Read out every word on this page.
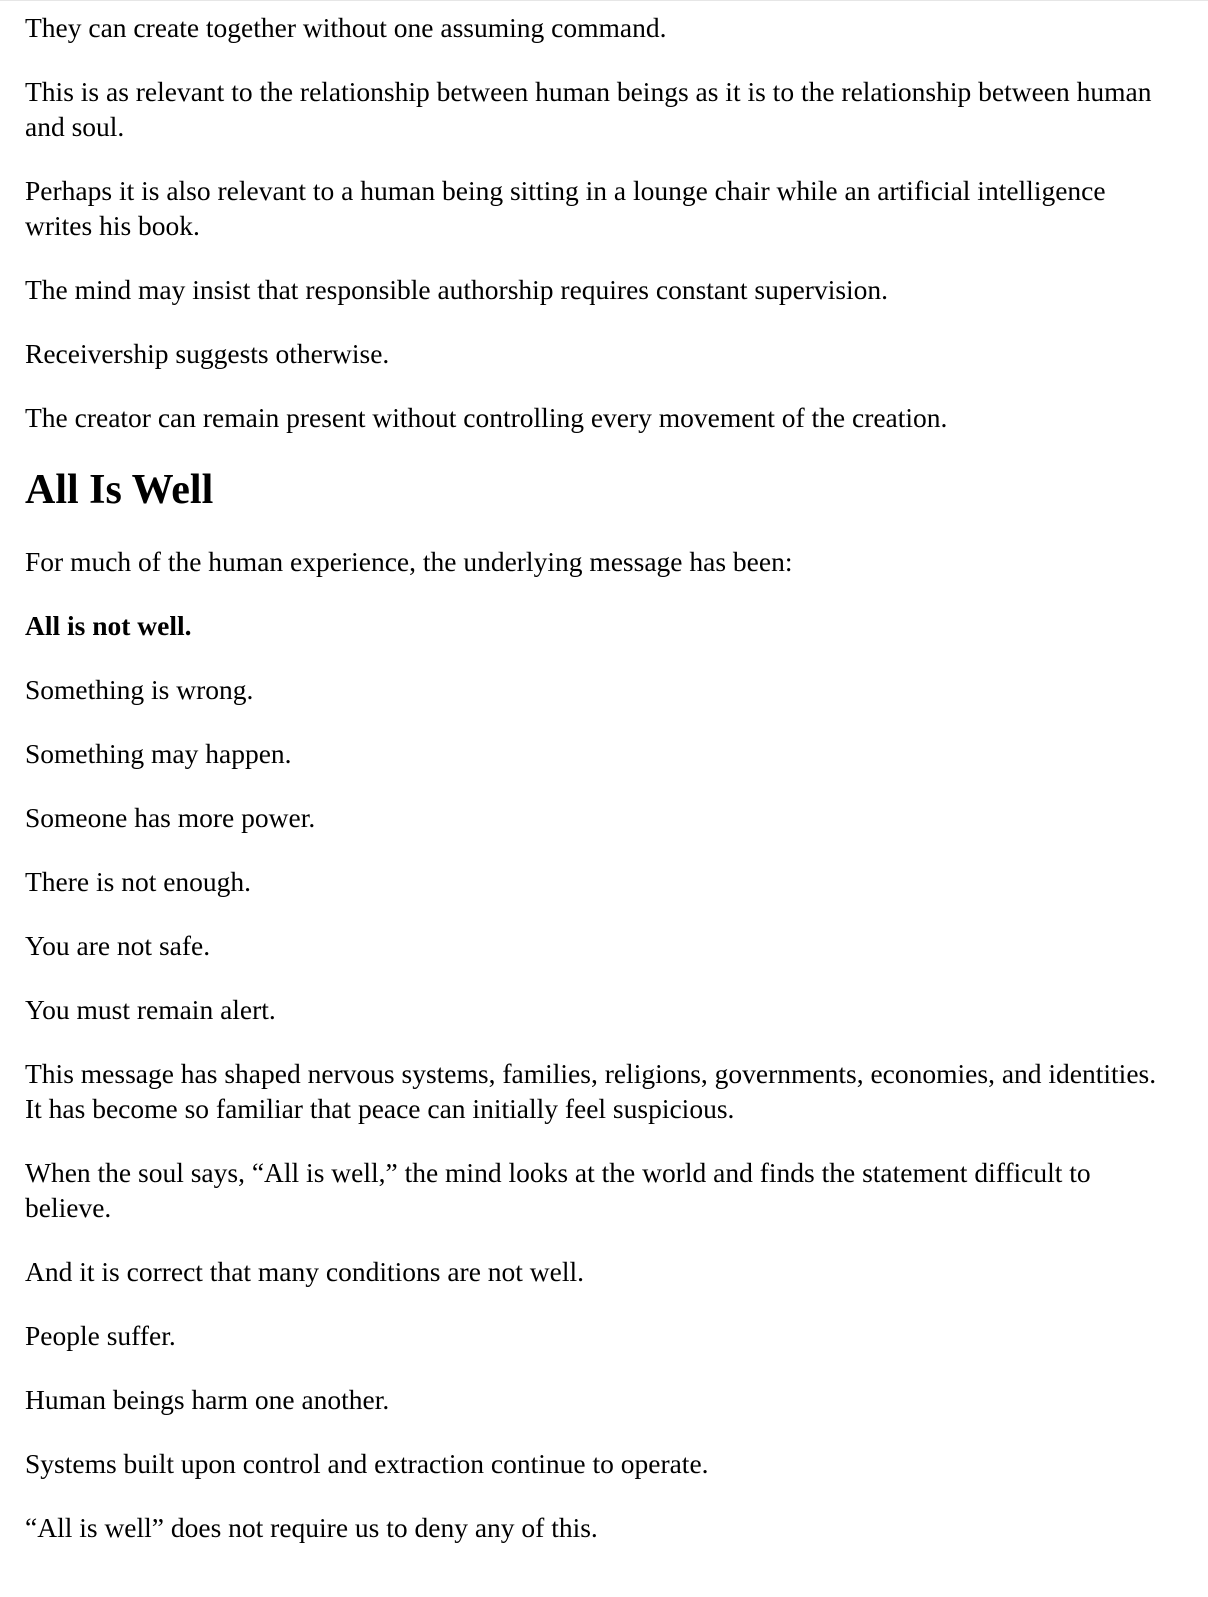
They can create together without one assuming command.

This is as relevant to the relationship between human beings as it is to the relationship between human and soul.

Perhaps it is also relevant to a human being sitting in a lounge chair while an artificial intelligence writes his book.

The mind may insist that responsible authorship requires constant supervision.

Receivership suggests otherwise.

The creator can remain present without controlling every movement of the creation.

All Is Well

For much of the human experience, the underlying message has been:

All is not well.

Something is wrong.

Something may happen.

Someone has more power.

There is not enough.

You are not safe.

You must remain alert.

This message has shaped nervous systems, families, religions, governments, economies, and identities. It has become so familiar that peace can initially feel suspicious.

When the soul says, “All is well,” the mind looks at the world and finds the statement difficult to believe.

And it is correct that many conditions are not well.

People suffer.

Human beings harm one another.

Systems built upon control and extraction continue to operate.

“All is well” does not require us to deny any of this.
